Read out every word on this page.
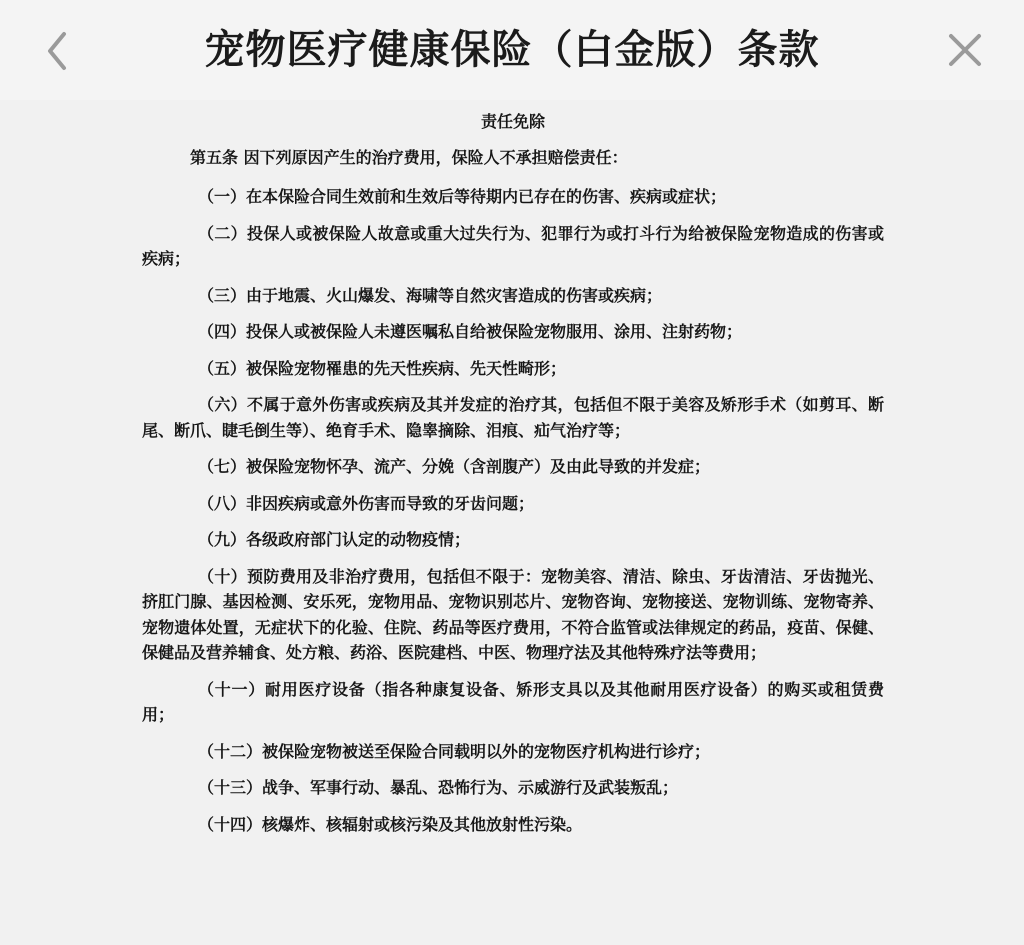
宠物医疗健康保险（白金版）条款
责任免除
第五条 因下列原因产生的治疗费用，保险人不承担赔偿责任：
（一）在本保险合同生效前和生效后等待期内已存在的伤害、疾病或症状；
（二）投保人或被保险人故意或重大过失行为、犯罪行为或打斗行为给被保险宠物造成的伤害或疾病；
（三）由于地震、火山爆发、海啸等自然灾害造成的伤害或疾病；
（四）投保人或被保险人未遵医嘱私自给被保险宠物服用、涂用、注射药物；
（五）被保险宠物罹患的先天性疾病、先天性畸形；
（六）不属于意外伤害或疾病及其并发症的治疗其，包括但不限于美容及矫形手术（如剪耳、断尾、断爪、睫毛倒生等）、绝育手术、隐睾摘除、泪痕、疝气治疗等；
（七）被保险宠物怀孕、流产、分娩（含剖腹产）及由此导致的并发症；
（八）非因疾病或意外伤害而导致的牙齿问题；
（九）各级政府部门认定的动物疫情；
（十）预防费用及非治疗费用，包括但不限于：宠物美容、清洁、除虫、牙齿清洁、牙齿抛光、挤肛门腺、基因检测、安乐死，宠物用品、宠物识别芯片、宠物咨询、宠物接送、宠物训练、宠物寄养、宠物遗体处置，无症状下的化验、住院、药品等医疗费用，不符合监管或法律规定的药品，疫苗、保健、保健品及营养辅食、处方粮、药浴、医院建档、中医、物理疗法及其他特殊疗法等费用；
（十一）耐用医疗设备（指各种康复设备、矫形支具以及其他耐用医疗设备）的购买或租赁费用；
（十二）被保险宠物被送至保险合同载明以外的宠物医疗机构进行诊疗；
（十三）战争、军事行动、暴乱、恐怖行为、示威游行及武装叛乱；
（十四）核爆炸、核辐射或核污染及其他放射性污染。
